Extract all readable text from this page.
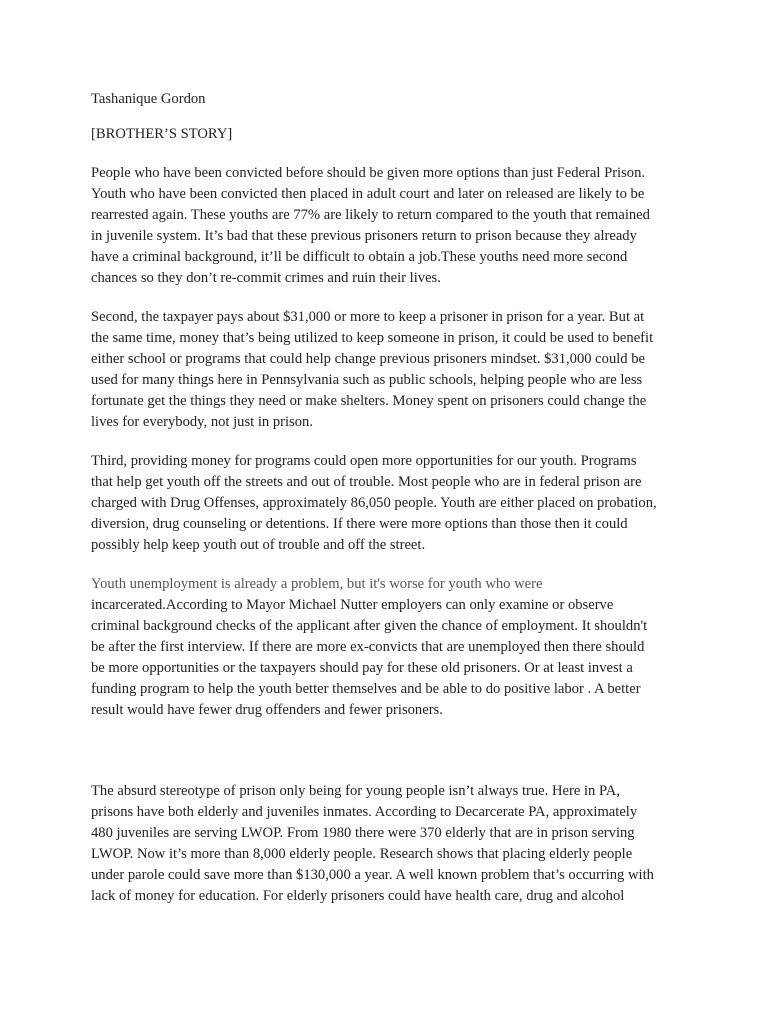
Tashanique Gordon
[BROTHER’S STORY]
People who have been convicted before should be given more options than just Federal Prison.
Youth who have been convicted then placed in adult court and later on released are likely to be
rearrested again. These youths are 77% are likely to return compared to the youth that remained
in juvenile system. It’s bad that these previous prisoners return to prison because they already
have a criminal background, it’ll be difficult to obtain a job.These youths need more second
chances so they don’t re-commit crimes and ruin their lives.
Second, the taxpayer pays about $31,000 or more to keep a prisoner in prison for a year. But at
the same time, money that’s being utilized to keep someone in prison, it could be used to benefit
either school or programs that could help change previous prisoners mindset. $31,000 could be
used for many things here in Pennsylvania such as public schools, helping people who are less
fortunate get the things they need or make shelters. Money spent on prisoners could change the
lives for everybody, not just in prison.
Third, providing money for programs could open more opportunities for our youth. Programs
that help get youth off the streets and out of trouble. Most people who are in federal prison are
charged with Drug Offenses, approximately 86,050 people. Youth are either placed on probation,
diversion, drug counseling or detentions. If there were more options than those then it could
possibly help keep youth out of trouble and off the street.
Youth unemployment is already a problem, but it's worse for youth who were
incarcerated.According to Mayor Michael Nutter employers can only examine or observe
criminal background checks of the applicant after given the chance of employment. It shouldn't
be after the first interview. If there are more ex-convicts that are unemployed then there should
be more opportunities or the taxpayers should pay for these old prisoners. Or at least invest a
funding program to help the youth better themselves and be able to do positive labor . A better
result would have fewer drug offenders and fewer prisoners.
The absurd stereotype of prison only being for young people isn’t always true. Here in PA,
prisons have both elderly and juveniles inmates. According to Decarcerate PA, approximately
480 juveniles are serving LWOP. From 1980 there were 370 elderly that are in prison serving
LWOP. Now it’s more than 8,000 elderly people. Research shows that placing elderly people
under parole could save more than $130,000 a year. A well known problem that’s occurring with
lack of money for education. For elderly prisoners could have health care, drug and alcohol
